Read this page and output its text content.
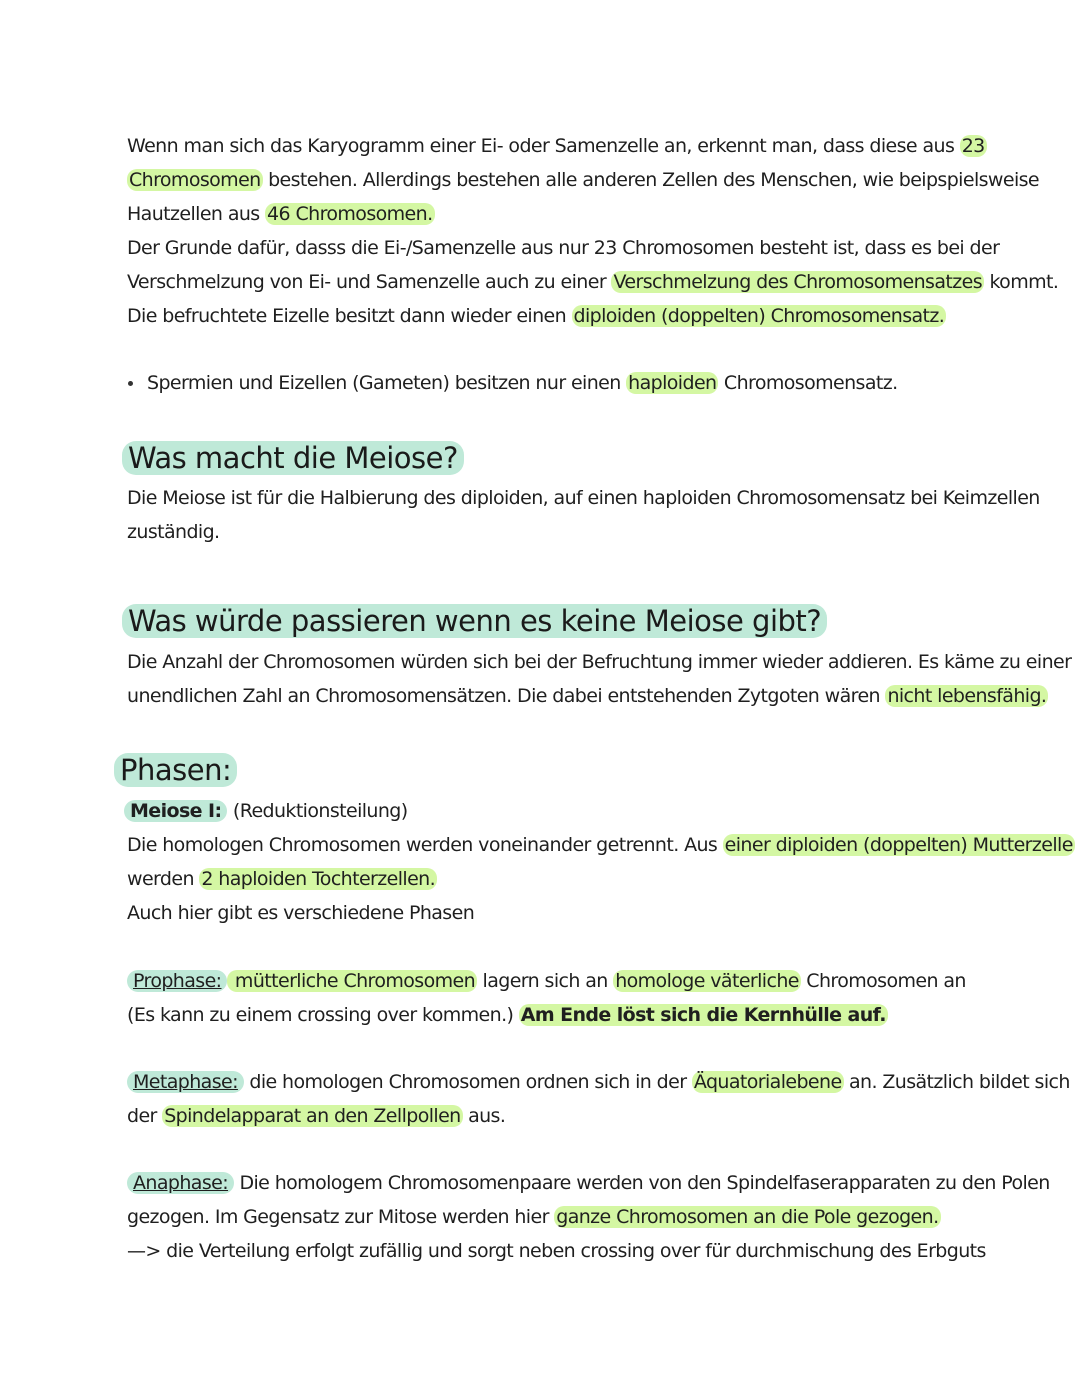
Wenn man sich das Karyogramm einer Ei- oder Samenzelle an, erkennt man, dass diese aus 23
Chromosomen bestehen. Allerdings bestehen alle anderen Zellen des Menschen, wie beipspielsweise
Hautzellen aus 46 Chromosomen.
Der Grunde dafür, dasss die Ei-/Samenzelle aus nur 23 Chromosomen besteht ist, dass es bei der
Verschmelzung von Ei- und Samenzelle auch zu einer Verschmelzung des Chromosomensatzes kommt.
Die befruchtete Eizelle besitzt dann wieder einen diploiden (doppelten) Chromosomensatz.
Spermien und Eizellen (Gameten) besitzen nur einen haploiden Chromosomensatz.
Was macht die Meiose?
Die Meiose ist für die Halbierung des diploiden, auf einen haploiden Chromosomensatz bei Keimzellen
zuständig.
Was würde passieren wenn es keine Meiose gibt?
Die Anzahl der Chromosomen würden sich bei der Befruchtung immer wieder addieren. Es käme zu einer
unendlichen Zahl an Chromosomensätzen. Die dabei entstehenden Zytgoten wären nicht lebensfähig.
Phasen:
Meiose I: (Reduktionsteilung)
Die homologen Chromosomen werden voneinander getrennt. Aus einer diploiden (doppelten) Mutterzelle
werden 2 haploiden Tochterzellen.
Auch hier gibt es verschiedene Phasen
Prophase: mütterliche Chromosomen lagern sich an homologe väterliche Chromosomen an
(Es kann zu einem crossing over kommen.) Am Ende löst sich die Kernhülle auf.
Metaphase: die homologen Chromosomen ordnen sich in der Äquatorialebene an. Zusätzlich bildet sich
der Spindelapparat an den Zellpollen aus.
Anaphase: Die homologem Chromosomenpaare werden von den Spindelfaserapparaten zu den Polen
gezogen. Im Gegensatz zur Mitose werden hier ganze Chromosomen an die Pole gezogen.
—> die Verteilung erfolgt zufällig und sorgt neben crossing over für durchmischung des Erbguts
